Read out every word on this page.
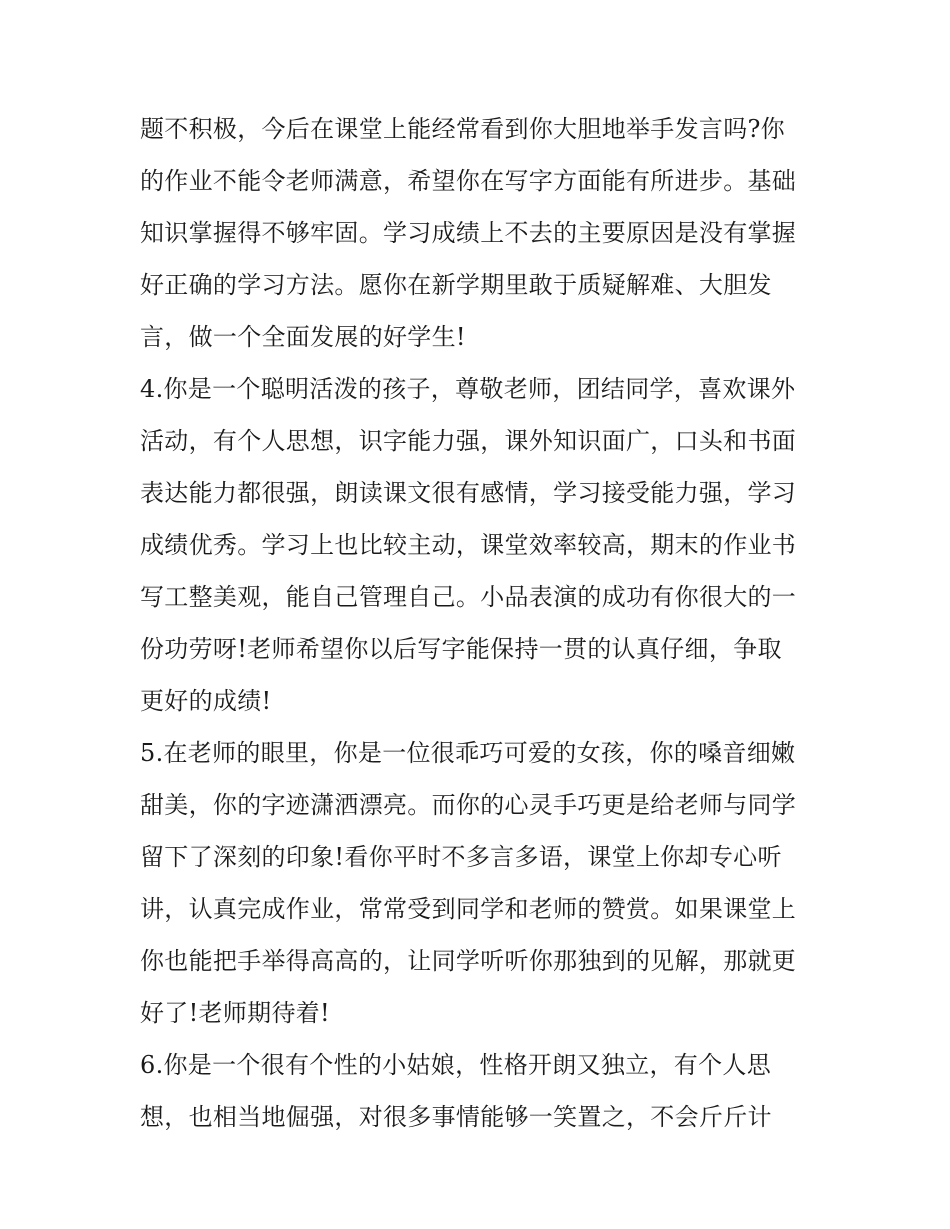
题不积极，今后在课堂上能经常看到你大胆地举手发言吗?你
的作业不能令老师满意，希望你在写字方面能有所进步。基础
知识掌握得不够牢固。学习成绩上不去的主要原因是没有掌握
好正确的学习方法。愿你在新学期里敢于质疑解难、大胆发
言，做一个全面发展的好学生!
4.你是一个聪明活泼的孩子，尊敬老师，团结同学，喜欢课外
活动，有个人思想，识字能力强，课外知识面广，口头和书面
表达能力都很强，朗读课文很有感情，学习接受能力强，学习
成绩优秀。学习上也比较主动，课堂效率较高，期末的作业书
写工整美观，能自己管理自己。小品表演的成功有你很大的一
份功劳呀!老师希望你以后写字能保持一贯的认真仔细，争取
更好的成绩!
5.在老师的眼里，你是一位很乖巧可爱的女孩，你的嗓音细嫩
甜美，你的字迹潇洒漂亮。而你的心灵手巧更是给老师与同学
留下了深刻的印象!看你平时不多言多语，课堂上你却专心听
讲，认真完成作业，常常受到同学和老师的赞赏。如果课堂上
你也能把手举得高高的，让同学听听你那独到的见解，那就更
好了!老师期待着!
6.你是一个很有个性的小姑娘，性格开朗又独立，有个人思
想，也相当地倔强，对很多事情能够一笑置之，不会斤斤计
